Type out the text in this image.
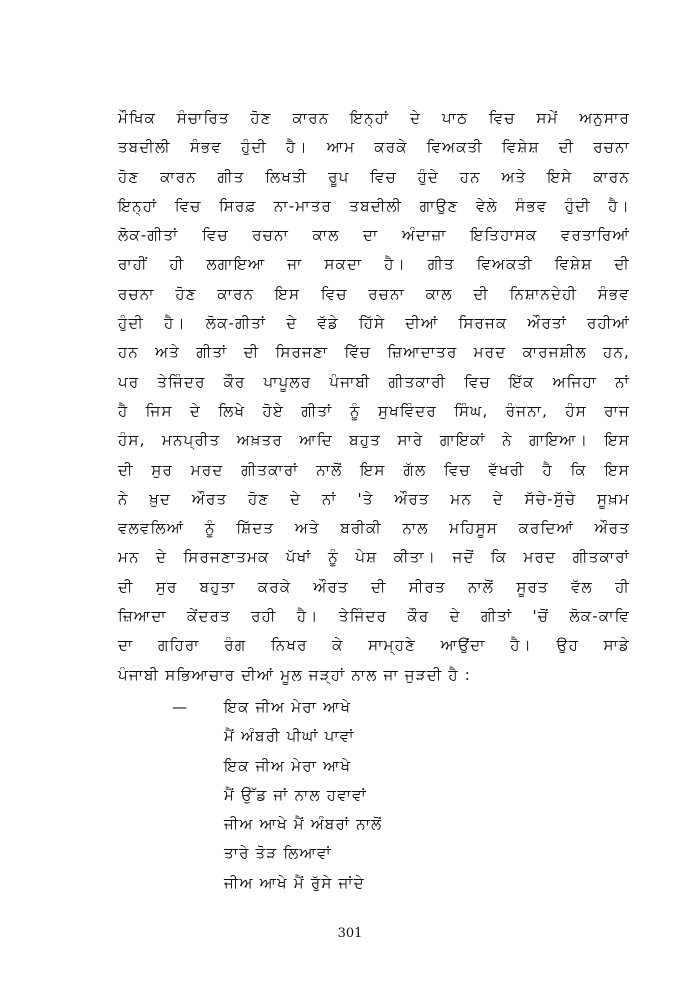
ਮੌਖਿਕ ਸੰਚਾਰਿਤ ਹੋਣ ਕਾਰਨ ਇਨ੍ਹਾਂ ਦੇ ਪਾਠ ਵਿਚ ਸਮੇਂ ਅਨੁਸਾਰ
ਤਬਦੀਲੀ ਸੰਭਵ ਹੁੰਦੀ ਹੈ। ਆਮ ਕਰਕੇ ਵਿਅਕਤੀ ਵਿਸ਼ੇਸ਼ ਦੀ ਰਚਨਾ
ਹੋਣ ਕਾਰਨ ਗੀਤ ਲਿਖਤੀ ਰੂਪ ਵਿਚ ਹੁੰਦੇ ਹਨ ਅਤੇ ਇਸੇ ਕਾਰਨ
ਇਨ੍ਹਾਂ ਵਿਚ ਸਿਰਫ਼ ਨਾ-ਮਾਤਰ ਤਬਦੀਲੀ ਗਾਉਣ ਵੇਲੇ ਸੰਭਵ ਹੁੰਦੀ ਹੈ।
ਲੋਕ-ਗੀਤਾਂ ਵਿਚ ਰਚਨਾ ਕਾਲ ਦਾ ਅੰਦਾਜ਼ਾ ਇਤਿਹਾਸਕ ਵਰਤਾਰਿਆਂ
ਰਾਹੀਂ ਹੀ ਲਗਾਇਆ ਜਾ ਸਕਦਾ ਹੈ। ਗੀਤ ਵਿਅਕਤੀ ਵਿਸ਼ੇਸ਼ ਦੀ
ਰਚਨਾ ਹੋਣ ਕਾਰਨ ਇਸ ਵਿਚ ਰਚਨਾ ਕਾਲ ਦੀ ਨਿਸ਼ਾਨਦੇਹੀ ਸੰਭਵ
ਹੁੰਦੀ ਹੈ। ਲੋਕ-ਗੀਤਾਂ ਦੇ ਵੱਡੇ ਹਿੱਸੇ ਦੀਆਂ ਸਿਰਜਕ ਔਰਤਾਂ ਰਹੀਆਂ
ਹਨ ਅਤੇ ਗੀਤਾਂ ਦੀ ਸਿਰਜਣਾ ਵਿੱਚ ਜ਼ਿਆਦਾਤਰ ਮਰਦ ਕਾਰਜਸ਼ੀਲ ਹਨ,
ਪਰ ਤੇਜਿੰਦਰ ਕੌਰ ਪਾਪੂਲਰ ਪੰਜਾਬੀ ਗੀਤਕਾਰੀ ਵਿਚ ਇੱਕ ਅਜਿਹਾ ਨਾਂ
ਹੈ ਜਿਸ ਦੇ ਲਿਖੇ ਹੋਏ ਗੀਤਾਂ ਨੂੰ ਸੁਖਵਿੰਦਰ ਸਿੰਘ, ਰੰਜਨਾ, ਹੰਸ ਰਾਜ
ਹੰਸ, ਮਨਪ੍ਰੀਤ ਅਖ਼ਤਰ ਆਦਿ ਬਹੁਤ ਸਾਰੇ ਗਾਇਕਾਂ ਨੇ ਗਾਇਆ। ਇਸ
ਦੀ ਸੁਰ ਮਰਦ ਗੀਤਕਾਰਾਂ ਨਾਲੋਂ ਇਸ ਗੱਲ ਵਿਚ ਵੱਖਰੀ ਹੈ ਕਿ ਇਸ
ਨੇ ਖ਼ੁਦ ਔਰਤ ਹੋਣ ਦੇ ਨਾਂ 'ਤੇ ਔਰਤ ਮਨ ਦੇ ਸੱਚੇ-ਸੁੱਚੇ ਸੂਖ਼ਮ
ਵਲਵਲਿਆਂ ਨੂੰ ਸ਼ਿੱਦਤ ਅਤੇ ਬਰੀਕੀ ਨਾਲ ਮਹਿਸੂਸ ਕਰਦਿਆਂ ਔਰਤ
ਮਨ ਦੇ ਸਿਰਜਣਾਤਮਕ ਪੱਖਾਂ ਨੂੰ ਪੇਸ਼ ਕੀਤਾ। ਜਦੋਂ ਕਿ ਮਰਦ ਗੀਤਕਾਰਾਂ
ਦੀ ਸੁਰ ਬਹੁਤਾ ਕਰਕੇ ਔਰਤ ਦੀ ਸੀਰਤ ਨਾਲੋਂ ਸੂਰਤ ਵੱਲ ਹੀ
ਜ਼ਿਆਦਾ ਕੇਂਦਰਤ ਰਹੀ ਹੈ। ਤੇਜਿੰਦਰ ਕੌਰ ਦੇ ਗੀਤਾਂ 'ਚੋਂ ਲੋਕ-ਕਾਵਿ
ਦਾ ਗਹਿਰਾ ਰੰਗ ਨਿਖਰ ਕੇ ਸਾਮ੍ਹਣੇ ਆਉਂਦਾ ਹੈ। ਉਹ ਸਾਡੇ
ਪੰਜਾਬੀ ਸਭਿਆਚਾਰ ਦੀਆਂ ਮੂਲ ਜੜ੍ਹਾਂ ਨਾਲ ਜਾ ਜੁੜਦੀ ਹੈ :
— ਇਕ ਜੀਅ ਮੇਰਾ ਆਖੇ
ਮੈਂ ਅੰਬਰੀ ਪੀਘਾਂ ਪਾਵਾਂ
ਇਕ ਜੀਅ ਮੇਰਾ ਆਖੇ
ਮੈਂ ਉੱਡ ਜਾਂ ਨਾਲ ਹਵਾਵਾਂ
ਜੀਅ ਆਖੇ ਮੈਂ ਅੰਬਰਾਂ ਨਾਲੋਂ
ਤਾਰੇ ਤੋੜ ਲਿਆਵਾਂ
ਜੀਅ ਆਖੇ ਮੈਂ ਰੁੱਸੇ ਜਾਂਦੇ
301
